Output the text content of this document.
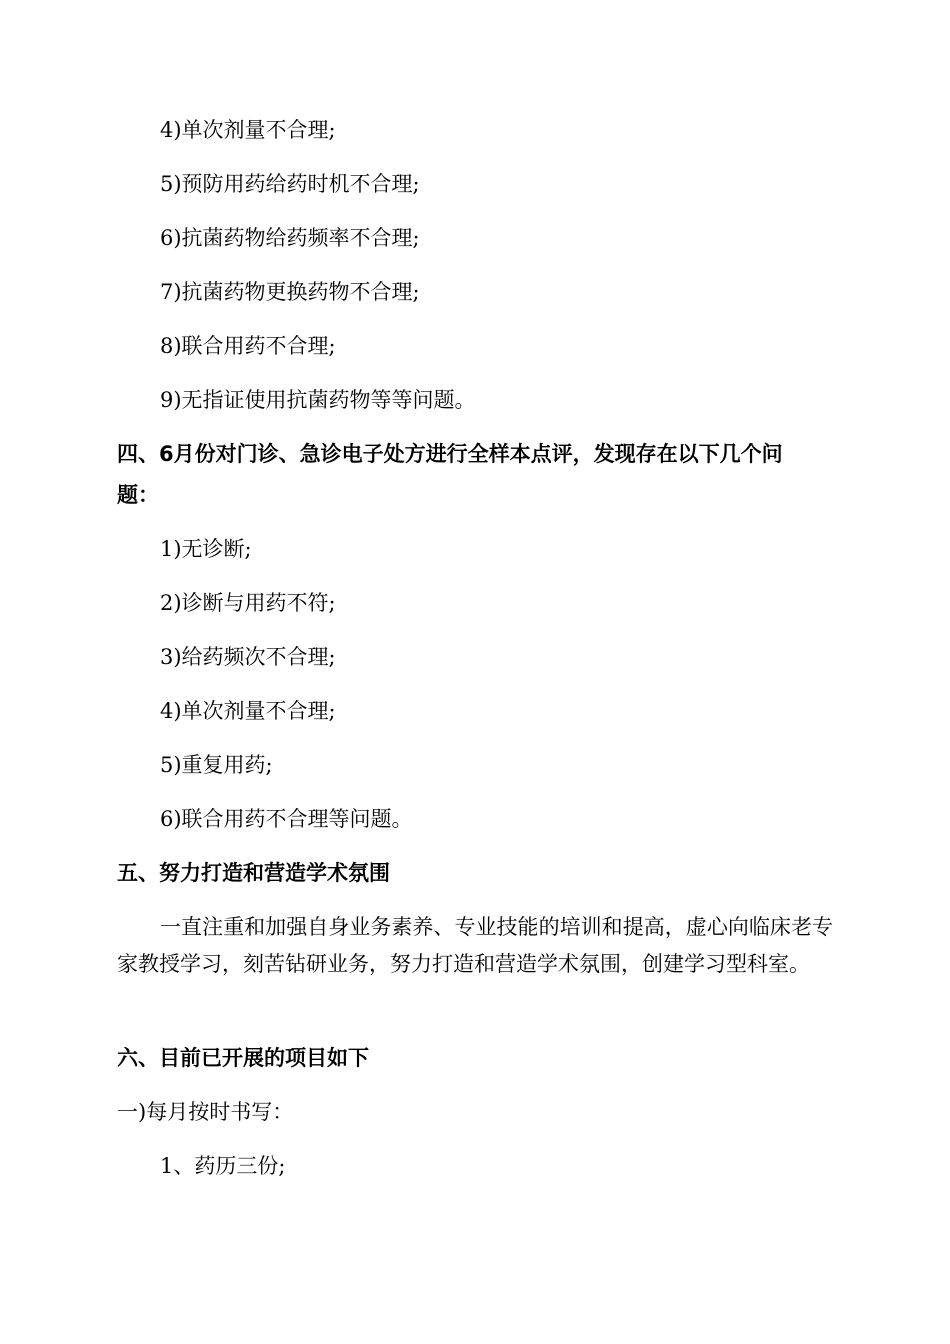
4)单次剂量不合理;
5)预防用药给药时机不合理;
6)抗菌药物给药频率不合理;
7)抗菌药物更换药物不合理;
8)联合用药不合理;
9)无指证使用抗菌药物等等问题。
四、6月份对门诊、急诊电子处方进行全样本点评，发现存在以下几个问
题：
1)无诊断;
2)诊断与用药不符;
3)给药频次不合理;
4)单次剂量不合理;
5)重复用药;
6)联合用药不合理等问题。
五、努力打造和营造学术氛围
一直注重和加强自身业务素养、专业技能的培训和提高，虚心向临床老专家教授学习，刻苦钻研业务，努力打造和营造学术氛围，创建学习型科室。
六、目前已开展的项目如下
一)每月按时书写：
1、药历三份;
